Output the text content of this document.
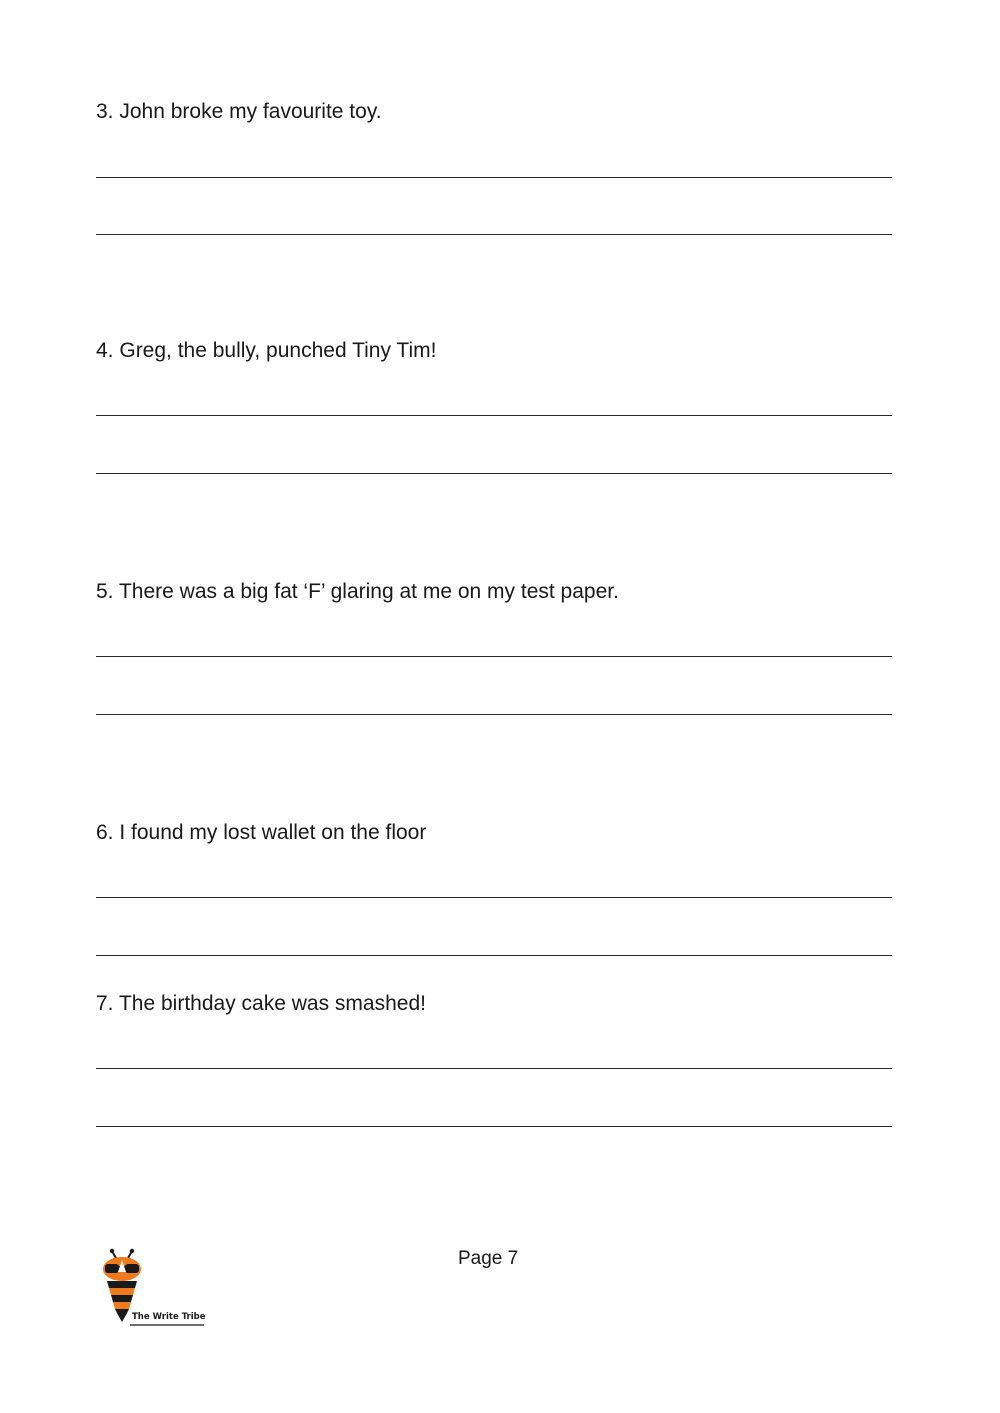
3. John broke my favourite toy.
4. Greg, the bully, punched Tiny Tim!
5. There was a big fat ‘F’ glaring at me on my test paper.
6. I found my lost wallet on the floor
7. The birthday cake was smashed!
Page 7
The Write Tribe
